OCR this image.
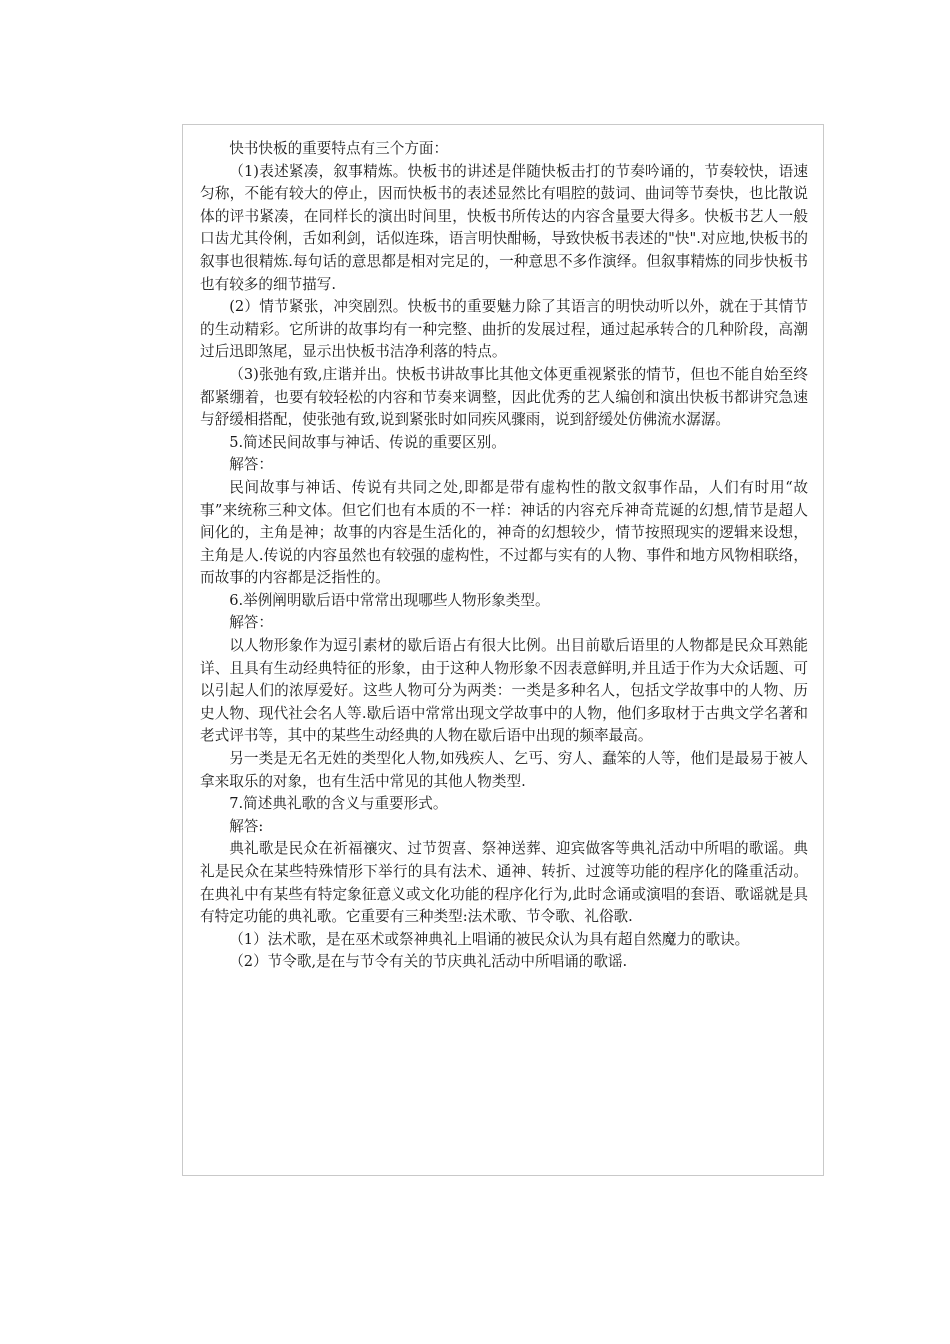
快书快板的重要特点有三个方面：

（1)表述紧凑，叙事精炼。快板书的讲述是伴随快板击打的节奏吟诵的，节奏较快，语速匀称，不能有较大的停止，因而快板书的表述显然比有唱腔的鼓词、曲词等节奏快，也比散说体的评书紧凑，在同样长的演出时间里，快板书所传达的内容含量要大得多。快板书艺人一般口齿尤其伶俐，舌如利剑，话似连珠，语言明快酣畅，导致快板书表述的"快".对应地,快板书的叙事也很精炼.每句话的意思都是相对完足的，一种意思不多作演绎。但叙事精炼的同步快板书也有较多的细节描写.

(2）情节紧张，冲突剧烈。快板书的重要魅力除了其语言的明快动听以外，就在于其情节的生动精彩。它所讲的故事均有一种完整、曲折的发展过程，通过起承转合的几种阶段，高潮过后迅即煞尾，显示出快板书洁净利落的特点。

（3)张弛有致,庄谐并出。快板书讲故事比其他文体更重视紧张的情节，但也不能自始至终都紧绷着，也要有较轻松的内容和节奏来调整，因此优秀的艺人编创和演出快板书都讲究急速与舒缓相搭配，使张弛有致,说到紧张时如同疾风骤雨，说到舒缓处仿佛流水潺潺。

5.简述民间故事与神话、传说的重要区别。

解答：

民间故事与神话、传说有共同之处,即都是带有虚构性的散文叙事作品，人们有时用“故事”来统称三种文体。但它们也有本质的不一样：神话的内容充斥神奇荒诞的幻想,情节是超人间化的，主角是神；故事的内容是生活化的，神奇的幻想较少，情节按照现实的逻辑来设想，主角是人.传说的内容虽然也有较强的虚构性，不过都与实有的人物、事件和地方风物相联络，而故事的内容都是泛指性的。

6.举例阐明歇后语中常常出现哪些人物形象类型。

解答：

以人物形象作为逗引素材的歇后语占有很大比例。出目前歇后语里的人物都是民众耳熟能详、且具有生动经典特征的形象，由于这种人物形象不因表意鲜明,并且适于作为大众话题、可以引起人们的浓厚爱好。这些人物可分为两类：一类是多种名人，包括文学故事中的人物、历史人物、现代社会名人等.歇后语中常常出现文学故事中的人物，他们多取材于古典文学名著和老式评书等，其中的某些生动经典的人物在歇后语中出现的频率最高。

另一类是无名无姓的类型化人物,如残疾人、乞丐、穷人、蠢笨的人等，他们是最易于被人拿来取乐的对象，也有生活中常见的其他人物类型.

7.简述典礼歌的含义与重要形式。

解答:

典礼歌是民众在祈福禳灾、过节贺喜、祭神送葬、迎宾做客等典礼活动中所唱的歌谣。典礼是民众在某些特殊情形下举行的具有法术、通神、转折、过渡等功能的程序化的隆重活动。在典礼中有某些有特定象征意义或文化功能的程序化行为,此时念诵或演唱的套语、歌谣就是具有特定功能的典礼歌。它重要有三种类型:法术歌、节令歌、礼俗歌.

（1）法术歌，是在巫术或祭神典礼上唱诵的被民众认为具有超自然魔力的歌诀。

（2）节令歌,是在与节令有关的节庆典礼活动中所唱诵的歌谣.
